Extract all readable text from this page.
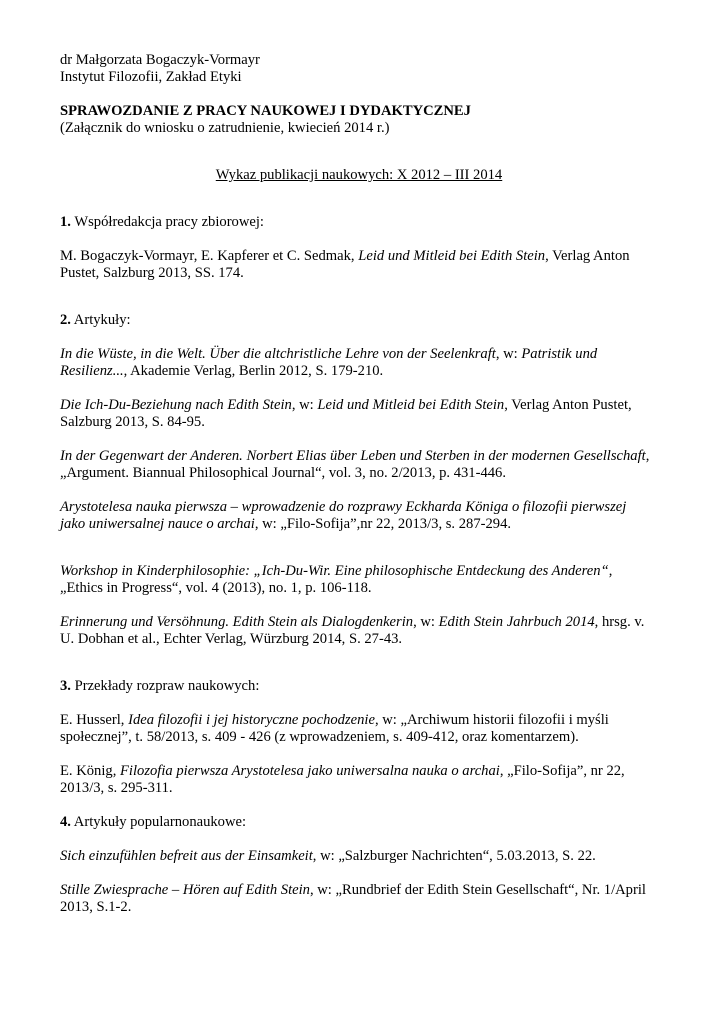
dr Małgorzata Bogaczyk-Vormayr
Instytut Filozofii, Zakład Etyki
SPRAWOZDANIE Z PRACY NAUKOWEJ I DYDAKTYCZNEJ
(Załącznik do wniosku o zatrudnienie, kwiecień 2014 r.)
Wykaz publikacji naukowych: X 2012 – III 2014
1. Współredakcja pracy zbiorowej:
M. Bogaczyk-Vormayr, E. Kapferer et C. Sedmak, Leid und Mitleid bei Edith Stein, Verlag Anton
Pustet, Salzburg 2013, SS. 174.
2. Artykuły:
In die Wüste, in die Welt. Über die altchristliche Lehre von der Seelenkraft, w: Patristik und
Resilienz..., Akademie Verlag, Berlin 2012, S. 179-210.
Die Ich-Du-Beziehung nach Edith Stein, w: Leid und Mitleid bei Edith Stein, Verlag Anton Pustet,
Salzburg 2013, S. 84-95.
In der Gegenwart der Anderen. Norbert Elias über Leben und Sterben in der modernen Gesellschaft,
„Argument. Biannual Philosophical Journal“, vol. 3, no. 2/2013, p. 431-446.
Arystotelesa nauka pierwsza – wprowadzenie do rozprawy Eckharda Königa o filozofii pierwszej
jako uniwersalnej nauce o archai, w: „Filo-Sofija”,nr 22, 2013/3, s. 287-294.
Workshop in Kinderphilosophie: „Ich-Du-Wir. Eine philosophische Entdeckung des Anderen“,
„Ethics in Progress“, vol. 4 (2013), no. 1, p. 106-118.
Erinnerung und Versöhnung. Edith Stein als Dialogdenkerin, w: Edith Stein Jahrbuch 2014, hrsg. v.
U. Dobhan et al., Echter Verlag, Würzburg 2014, S. 27-43.
3. Przekłady rozpraw naukowych:
E. Husserl, Idea filozofii i jej historyczne pochodzenie, w: „Archiwum historii filozofii i myśli
społecznej”, t. 58/2013, s. 409 - 426 (z wprowadzeniem, s. 409-412, oraz komentarzem).
E. König, Filozofia pierwsza Arystotelesa jako uniwersalna nauka o archai, „Filo-Sofija”, nr 22,
2013/3, s. 295-311.
4. Artykuły popularnonaukowe:
Sich einzufühlen befreit aus der Einsamkeit, w: „Salzburger Nachrichten“, 5.03.2013, S. 22.
Stille Zwiesprache – Hören auf Edith Stein, w: „Rundbrief der Edith Stein Gesellschaft“, Nr. 1/April
2013, S.1-2.
